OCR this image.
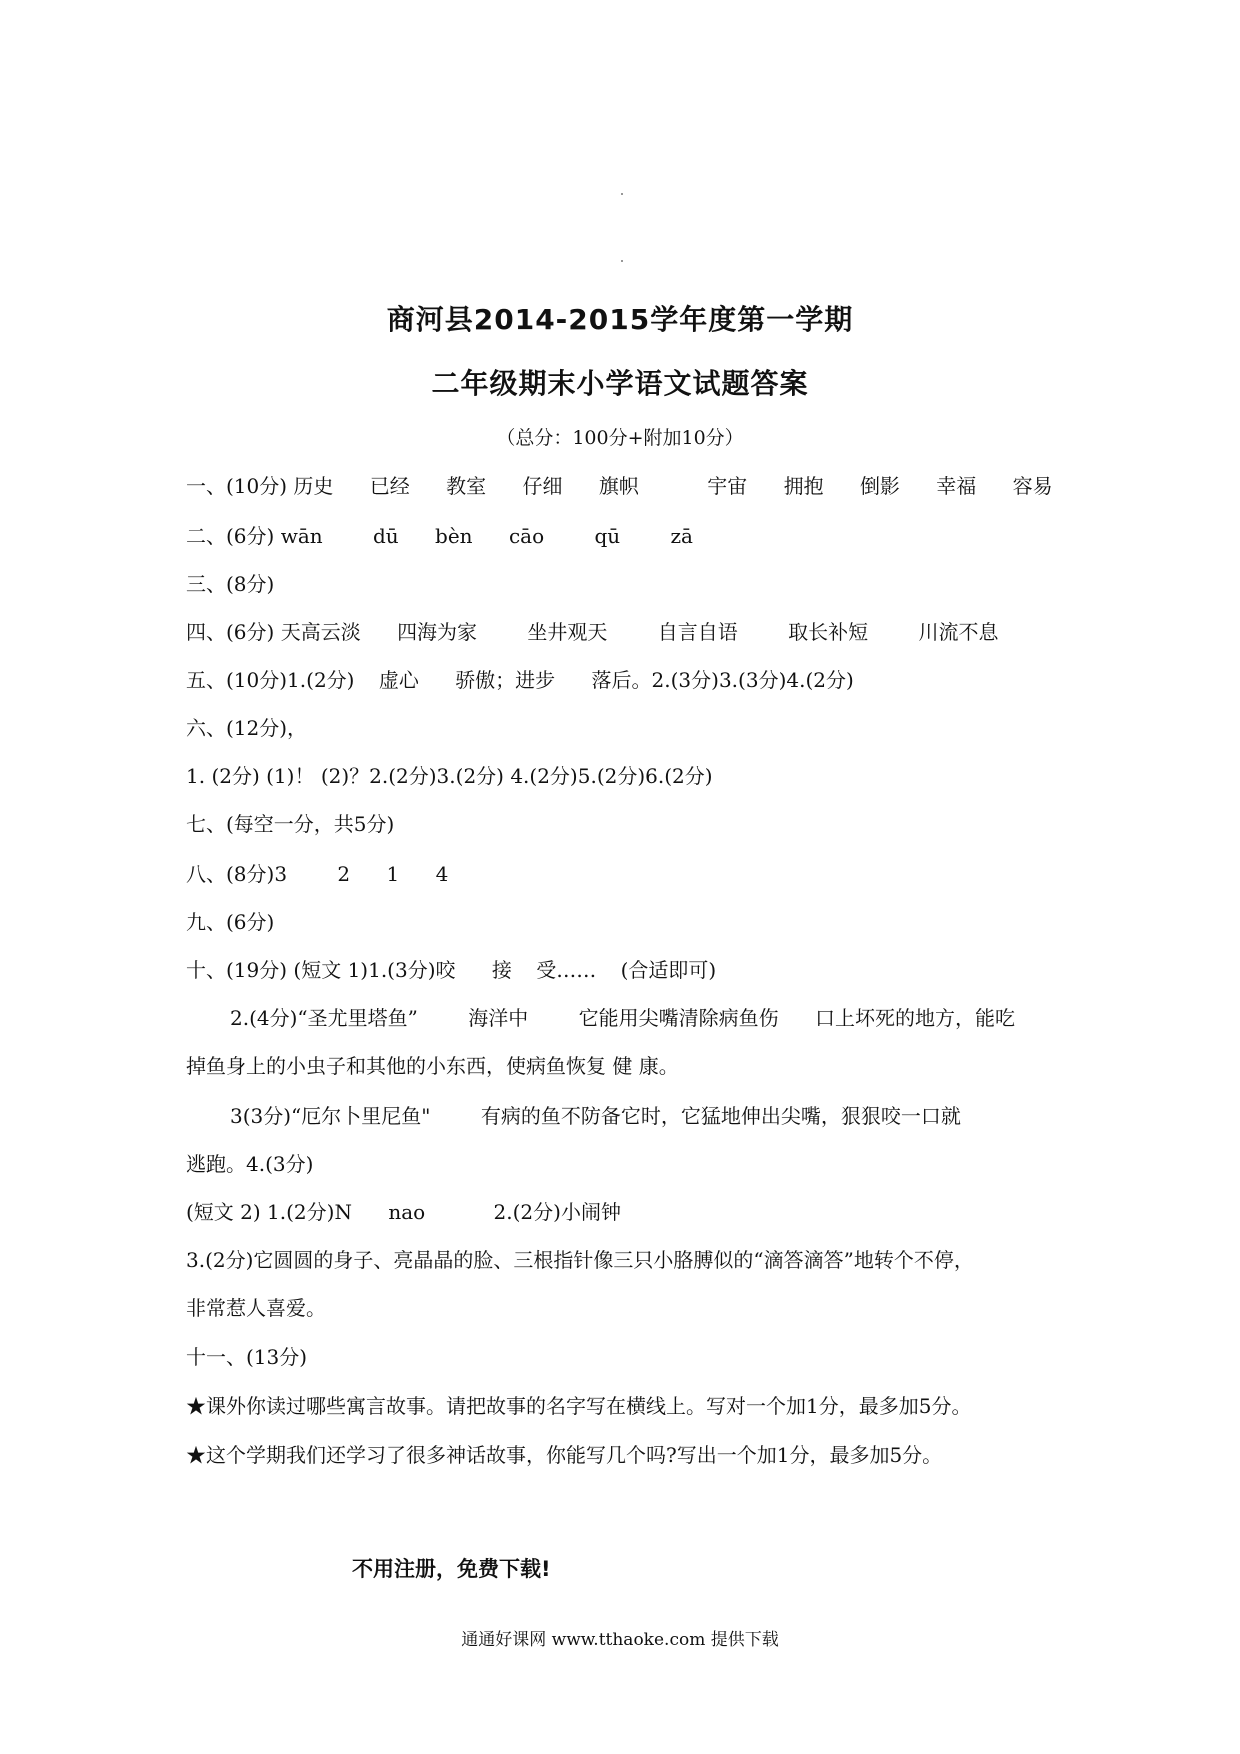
商河县2014-2015学年度第一学期
二年级期末小学语文试题答案
（总分：100分+附加10分）
一、(10分) 历史 已经 教室 仔细 旗帜	宇宙 拥抱 倒影 幸福 容易
二、(6分) wān	dū bèn cāo	qū	zā
三、(8分)
四、(6分) 天高云淡 四海为家	坐井观天	自言自语	取长补短	川流不息
五、(10分)1.(2分) 虚心 骄傲；进步 落后。2.(3分)3.(3分)4.(2分)
六、(12分)，
1. (2分) (1)！ (2)？2.(2分)3.(2分) 4.(2分)5.(2分)6.(2分)
七、(每空一分，共5分)
八、(8分)3	2 1 4
九、(6分)
十、(19分) (短文 1)1.(3分)咬 接 受…… (合适即可)
2.(4分)“圣尤里塔鱼”	海洋中	它能用尖嘴清除病鱼伤 口上坏死的地方，能吃
掉鱼身上的小虫子和其他的小东西，使病鱼恢复 健 康。
3(3分)“厄尔卜里尼鱼"	有病的鱼不防备它时，它猛地伸出尖嘴，狠狠咬一口就
逃跑。4.(3分)
(短文 2) 1.(2分)N nao	2.(2分)小闹钟
3.(2分)它圆圆的身子、亮晶晶的脸、三根指针像三只小胳膊似的“滴答滴答”地转个不停，
非常惹人喜爱。
十一、(13分)
★课外你读过哪些寓言故事。请把故事的名字写在横线上。写对一个加1分，最多加5分。
★这个学期我们还学习了很多神话故事，你能写几个吗?写出一个加1分，最多加5分。
不用注册，免费下载!
通通好课网 www.tthaoke.com 提供下载
